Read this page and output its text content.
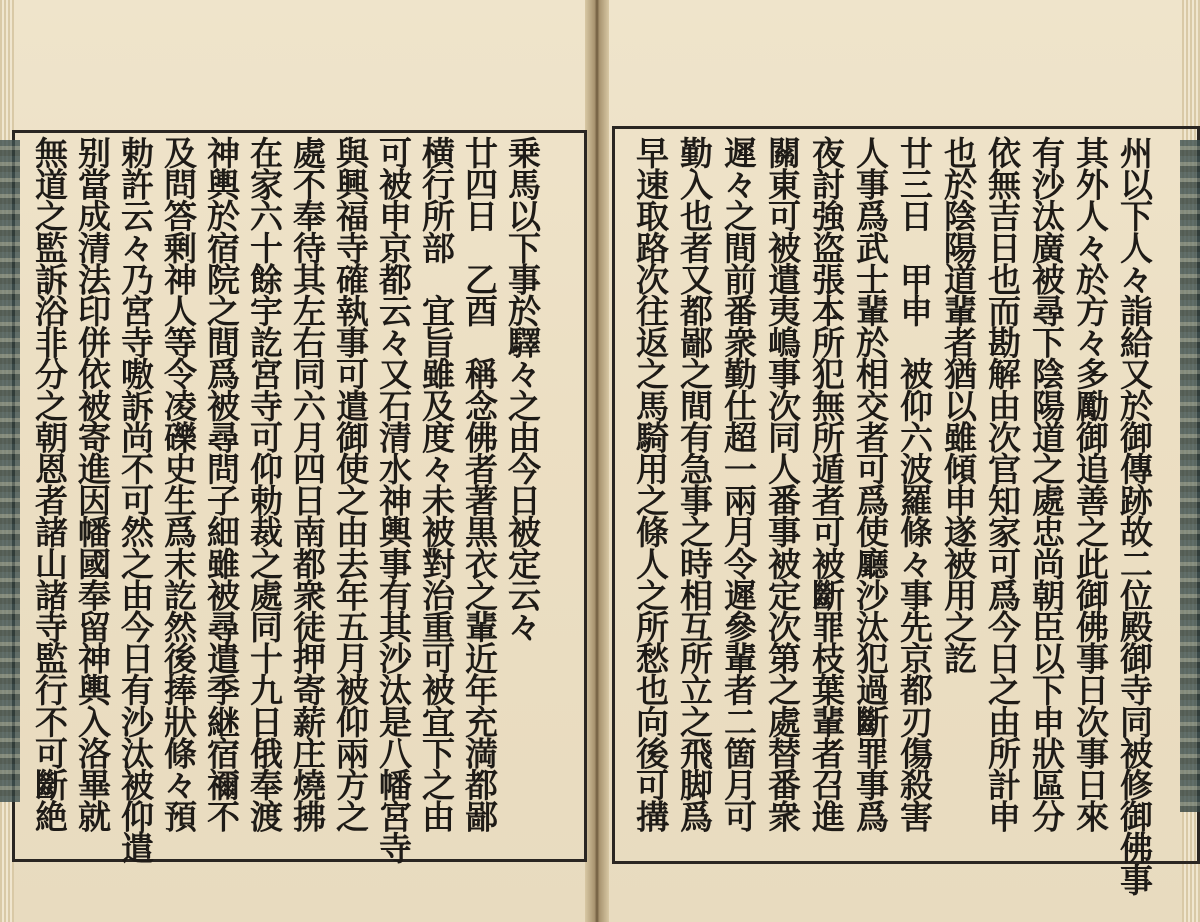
乗馬以下事於驛々之由今日被定云々
廿四日　乙酉　稱念佛者著黒衣之輩近年充満都鄙
横行所部　宜旨雖及度々未被對治重可被宜下之由
可被申京都云々又石清水神輿事有其沙汰是八幡宮寺
與興福寺確執事可遣御使之由去年五月被仰兩方之
處不奉待其左右同六月四日南都衆徒押寄薪庄燒拂
在家六十餘宇訖宮寺可仰勅裁之處同十九日俄奉渡
神輿於宿院之間爲被尋問子細雖被尋遣季継宿禰不
及問答剰神人等令凌礫史生爲末訖然後捧狀條々預
勅許云々乃宮寺嗷訴尚不可然之由今日有沙汰被仰遣
别當成清法印併依被寄進因幡國奉留神輿入洛畢就
無道之監訴浴非分之朝恩者諸山諸寺監行不可斷絶	州以下人々詣給又於御傳跡故二位殿御寺同被修御佛事
其外人々於方々多勵御追善之此御佛事日次事日來
有沙汰廣被尋下陰陽道之處忠尚朝臣以下申狀區分
依無吉日也而勘解由次官知家可爲今日之由所計申
也於陰陽道輩者猶以雖傾申遂被用之訖
廿三日　甲申　被仰六波羅條々事先京都刃傷殺害
人事爲武士輩於相交者可爲使廳沙汰犯過斷罪事爲
夜討強盗張本所犯無所遁者可被斷罪枝葉輩者召進
關東可被遣夷嶋事次同人番事被定次第之處替番衆
遲々之間前番衆勤仕超一兩月令遲參輩者二箇月可
勤入也者又都鄙之間有急事之時相互所立之飛脚爲
早速取路次往返之馬騎用之條人之所愁也向後可搆
